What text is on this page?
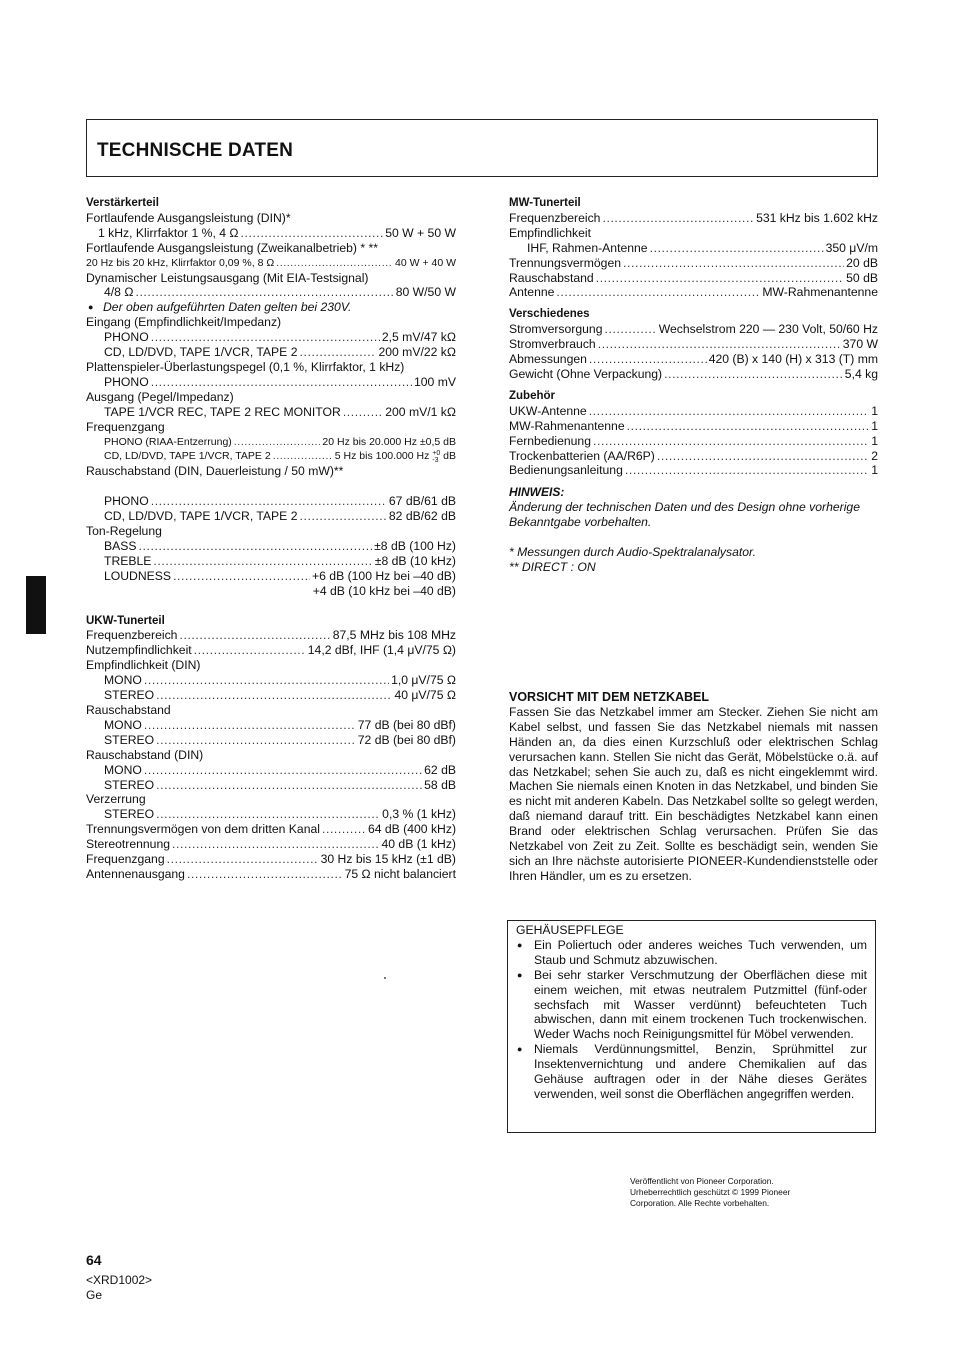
TECHNISCHE DATEN
Verstärkerteil
Fortlaufende Ausgangsleistung (DIN)*
1 kHz, Klirrfaktor 1 %, 4 Ω .....	50 W + 50 W
Fortlaufende Ausgangsleistung (Zweikanalbetrieb) * **
20 Hz bis 20 kHz, Klirrfaktor 0,09 %, 8 Ω .....	40 W + 40 W
Dynamischer Leistungsausgang (Mit EIA-Testsignal)
4/8 Ω .....	80 W/50 W
● Der oben aufgeführten Daten gelten bei 230V.
Eingang (Empfindlichkeit/Impedanz)
PHONO .....	2,5 mV/47 kΩ
CD, LD/DVD, TAPE 1/VCR, TAPE 2 .....	200 mV/22 kΩ
Plattenspieler-Überlastungspegel (0,1 %, Klirrfaktor, 1 kHz)
PHONO .....	100 mV
Ausgang (Pegel/Impedanz)
TAPE 1/VCR REC, TAPE 2 REC MONITOR .....	200 mV/1 kΩ
Frequenzgang
PHONO (RIAA-Entzerrung) .....	20 Hz bis 20.000 Hz ±0,5 dB
CD, LD/DVD, TAPE 1/VCR, TAPE 2 .....	5 Hz bis 100.000 Hz +0
-3 dB
Rauschabstand (DIN, Dauerleistung / 50 mW)**
PHONO .....	67 dB/61 dB
CD, LD/DVD, TAPE 1/VCR, TAPE 2 .....	82 dB/62 dB
Ton-Regelung
BASS .....	±8 dB (100 Hz)
TREBLE .....	±8 dB (10 kHz)
LOUDNESS .....	+6 dB (100 Hz bei –40 dB)
+4 dB (10 kHz bei –40 dB)
UKW-Tunerteil
Frequenzbereich .....	87,5 MHz bis 108 MHz
Nutzempfindlichkeit .....	14,2 dBf, IHF (1,4 μV/75 Ω)
Empfindlichkeit (DIN)
MONO .....	1,0 μV/75 Ω
STEREO .....	40 μV/75 Ω
Rauschabstand
MONO .....	77 dB (bei 80 dBf)
STEREO .....	72 dB (bei 80 dBf)
Rauschabstand (DIN)
MONO .....	62 dB
STEREO .....	58 dB
Verzerrung
STEREO .....	0,3 % (1 kHz)
Trennungsvermögen von dem dritten Kanal .....	64 dB (400 kHz)
Stereotrennung .....	40 dB (1 kHz)
Frequenzgang .....	30 Hz bis 15 kHz (±1 dB)
Antennenausgang .....	75 Ω nicht balanciert
MW-Tunerteil
Frequenzbereich .....	531 kHz bis 1.602 kHz
Empfindlichkeit
IHF, Rahmen-Antenne .....	350 μV/m
Trennungsvermögen .....	20 dB
Rauschabstand .....	50 dB
Antenne .....	MW-Rahmenantenne
Verschiedenes
Stromversorgung .....	Wechselstrom 220 — 230 Volt, 50/60 Hz
Stromverbrauch .....	370 W
Abmessungen .....	420 (B) x 140 (H) x 313 (T) mm
Gewicht (Ohne Verpackung) .....	5,4 kg
Zubehör
UKW-Antenne .....	1
MW-Rahmenantenne .....	1
Fernbedienung .....	1
Trockenbatterien (AA/R6P) .....	2
Bedienungsanleitung .....	1
HINWEIS:
Änderung der technischen Daten und des Design ohne vorherige
Bekanntgabe vorbehalten.
* Messungen durch Audio-Spektralanalysator.
** DIRECT : ON
VORSICHT MIT DEM NETZKABEL
Fassen Sie das Netzkabel immer am Stecker. Ziehen Sie nicht am Kabel selbst, und fassen Sie das Netzkabel niemals mit nassen Händen an, da dies einen Kurzschluß oder elektrischen Schlag verursachen kann. Stellen Sie nicht das Gerät, Möbelstücke o.ä. auf das Netzkabel; sehen Sie auch zu, daß es nicht eingeklemmt wird. Machen Sie niemals einen Knoten in das Netzkabel, und binden Sie es nicht mit anderen Kabeln. Das Netzkabel sollte so gelegt werden, daß niemand darauf tritt. Ein beschädigtes Netzkabel kann einen Brand oder elektrischen Schlag verursachen. Prüfen Sie das Netzkabel von Zeit zu Zeit. Sollte es beschädigt sein, wenden Sie sich an Ihre nächste autorisierte PIONEER-Kundendienststelle oder Ihren Händler, um es zu ersetzen.
GEHÄUSEPFLEGE
● Ein Poliertuch oder anderes weiches Tuch verwenden, um Staub und Schmutz abzuwischen.
● Bei sehr starker Verschmutzung der Oberflächen diese mit einem weichen, mit etwas neutralem Putzmittel (fünf-oder sechsfach mit Wasser verdünnt) befeuchteten Tuch abwischen, dann mit einem trockenen Tuch trockenwischen. Weder Wachs noch Reinigungsmittel für Möbel verwenden.
● Niemals Verdünnungsmittel, Benzin, Sprühmittel zur Insektenvernichtung und andere Chemikalien auf das Gehäuse auftragen oder in der Nähe dieses Gerätes verwenden, weil sonst die Oberflächen angegriffen werden.
Veröffentlicht von Pioneer Corporation.
Urheberrechtlich geschützt © 1999 Pioneer
Corporation. Alle Rechte vorbehalten.
64
<XRD1002>
Ge
